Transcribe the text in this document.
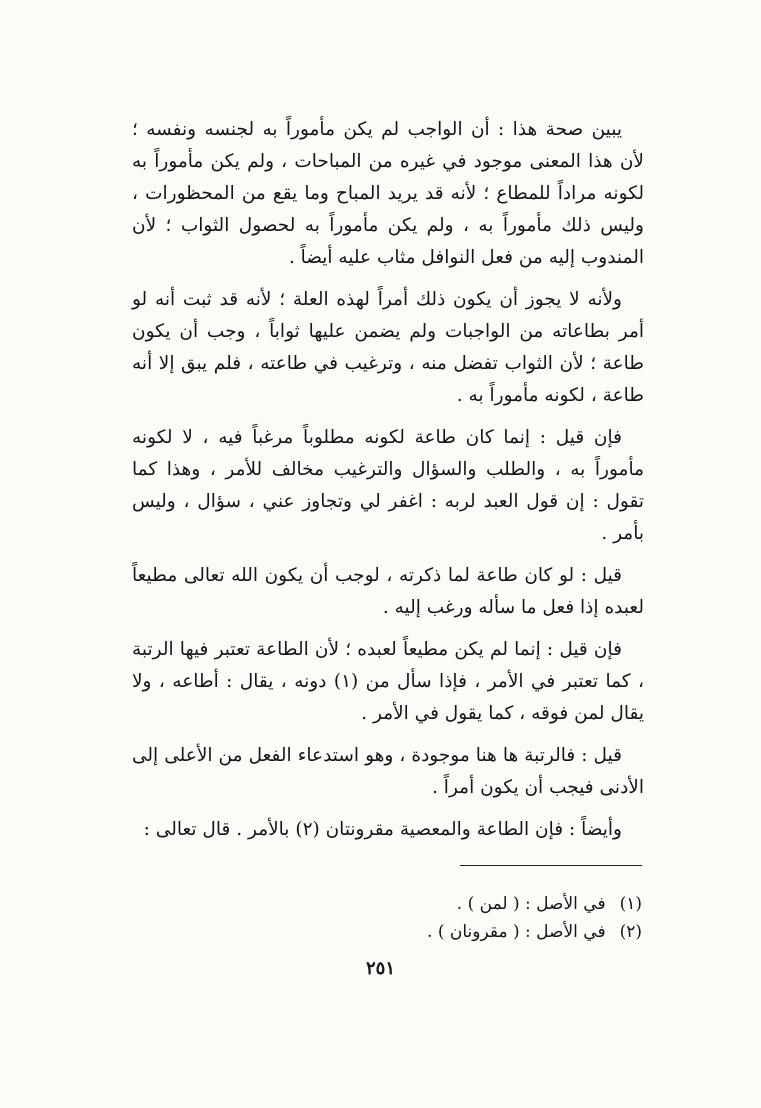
يبين صحة هذا : أن الواجب لم يكن مأموراً به لجنسه ونفسه ؛ لأن هذا المعنى موجود في غيره من المباحات ، ولم يكن مأموراً به لكونه مراداً للمطاع ؛ لأنه قد يريد المباح وما يقع من المحظورات ، وليس ذلك مأموراً به ، ولم يكن مأموراً به لحصول الثواب ؛ لأن المندوب إليه من فعل النوافل مثاب عليه أيضاً .

ولأنه لا يجوز أن يكون ذلك أمراً لهذه العلة ؛ لأنه قد ثبت أنه لو أمر بطاعاته من الواجبات ولم يضمن عليها ثواباً ، وجب أن يكون طاعة ؛ لأن الثواب تفضل منه ، وترغيب في طاعته ، فلم يبق إلا أنه طاعة ، لكونه مأموراً به .

فإن قيل : إنما كان طاعة لكونه مطلوباً مرغباً فيه ، لا لكونه مأموراً به ، والطلب والسؤال والترغيب مخالف للأمر ، وهذا كما تقول : إن قول العبد لربه : اغفر لي وتجاوز عني ، سؤال ، وليس بأمر .

قيل : لو كان طاعة لما ذكرته ، لوجب أن يكون الله تعالى مطيعاً لعبده إذا فعل ما سأله ورغب إليه .

فإن قيل : إنما لم يكن مطيعاً لعبده ؛ لأن الطاعة تعتبر فيها الرتبة ، كما تعتبر في الأمر ، فإذا سأل من (١) دونه ، يقال : أطاعه ، ولا يقال لمن فوقه ، كما يقول في الأمر .

قيل : فالرتبة ها هنا موجودة ، وهو استدعاء الفعل من الأعلى إلى الأدنى فيجب أن يكون أمراً .

وأيضاً : فإن الطاعة والمعصية مقرونتان (٢) بالأمر . قال تعالى :

(١)في الأصل : ( لمن ) .
(٢)في الأصل : ( مقرونان ) .
٢٥١
